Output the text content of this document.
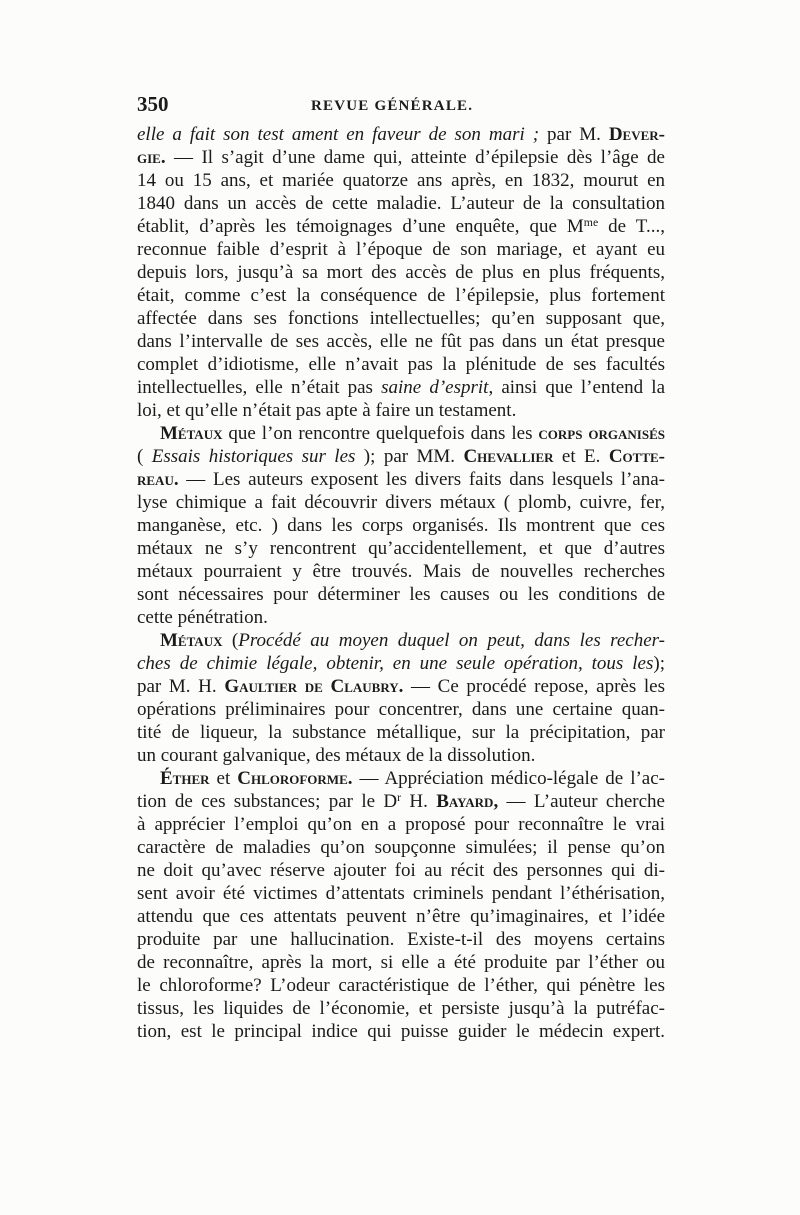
350	REVUE GÉNÉRALE.
elle a fait son test ament en faveur de son mari ; par M. Dever-
gie. — Il s’agit d’une dame qui, atteinte d’épilepsie dès l’âge de
14 ou 15 ans, et mariée quatorze ans après, en 1832, mourut en
1840 dans un accès de cette maladie. L’auteur de la consultation
établit, d’après les témoignages d’une enquête, que $M^{me}$ de T...,
reconnue faible d’esprit à l’époque de son mariage, et ayant eu
depuis lors, jusqu’à sa mort des accès de plus en plus fréquents,
était, comme c’est la conséquence de l’épilepsie, plus fortement
affectée dans ses fonctions intellectuelles; qu’en supposant que,
dans l’intervalle de ses accès, elle ne fût pas dans un état presque
complet d’idiotisme, elle n’avait pas la plénitude de ses facultés
intellectuelles, elle n’était pas saine d’esprit, ainsi que l’entend la
loi, et qu’elle n’était pas apte à faire un testament.
Métaux que l’on rencontre quelquefois dans les corps organisés
( Essais historiques sur les ); par MM. Chevallier et E. Cotte-
reau. — Les auteurs exposent les divers faits dans lesquels l’ana-
lyse chimique a fait découvrir divers métaux ( plomb, cuivre, fer,
manganèse, etc. ) dans les corps organisés. Ils montrent que ces
métaux ne s’y rencontrent qu’accidentellement, et que d’autres
métaux pourraient y être trouvés. Mais de nouvelles recherches
sont nécessaires pour déterminer les causes ou les conditions de
cette pénétration.
Métaux (Procédé au moyen duquel on peut, dans les recher-
ches de chimie légale, obtenir, en une seule opération, tous les);
par M. H. Gaultier de Claubry. — Ce procédé repose, après les
opérations préliminaires pour concentrer, dans une certaine quan-
tité de liqueur, la substance métallique, sur la précipitation, par
un courant galvanique, des métaux de la dissolution.
Éther et Chloroforme. — Appréciation médico-légale de l’ac-
tion de ces substances; par le $D^r$ H. Bayard, — L’auteur cherche
à apprécier l’emploi qu’on en a proposé pour reconnaître le vrai
caractère de maladies qu’on soupçonne simulées; il pense qu’on
ne doit qu’avec réserve ajouter foi au récit des personnes qui di-
sent avoir été victimes d’attentats criminels pendant l’éthérisation,
attendu que ces attentats peuvent n’être qu’imaginaires, et l’idée
produite par une hallucination. Existe-t-il des moyens certains
de reconnaître, après la mort, si elle a été produite par l’éther ou
le chloroforme? L’odeur caractéristique de l’éther, qui pénètre les
tissus, les liquides de l’économie, et persiste jusqu’à la putréfac-
tion, est le principal indice qui puisse guider le médecin expert.
